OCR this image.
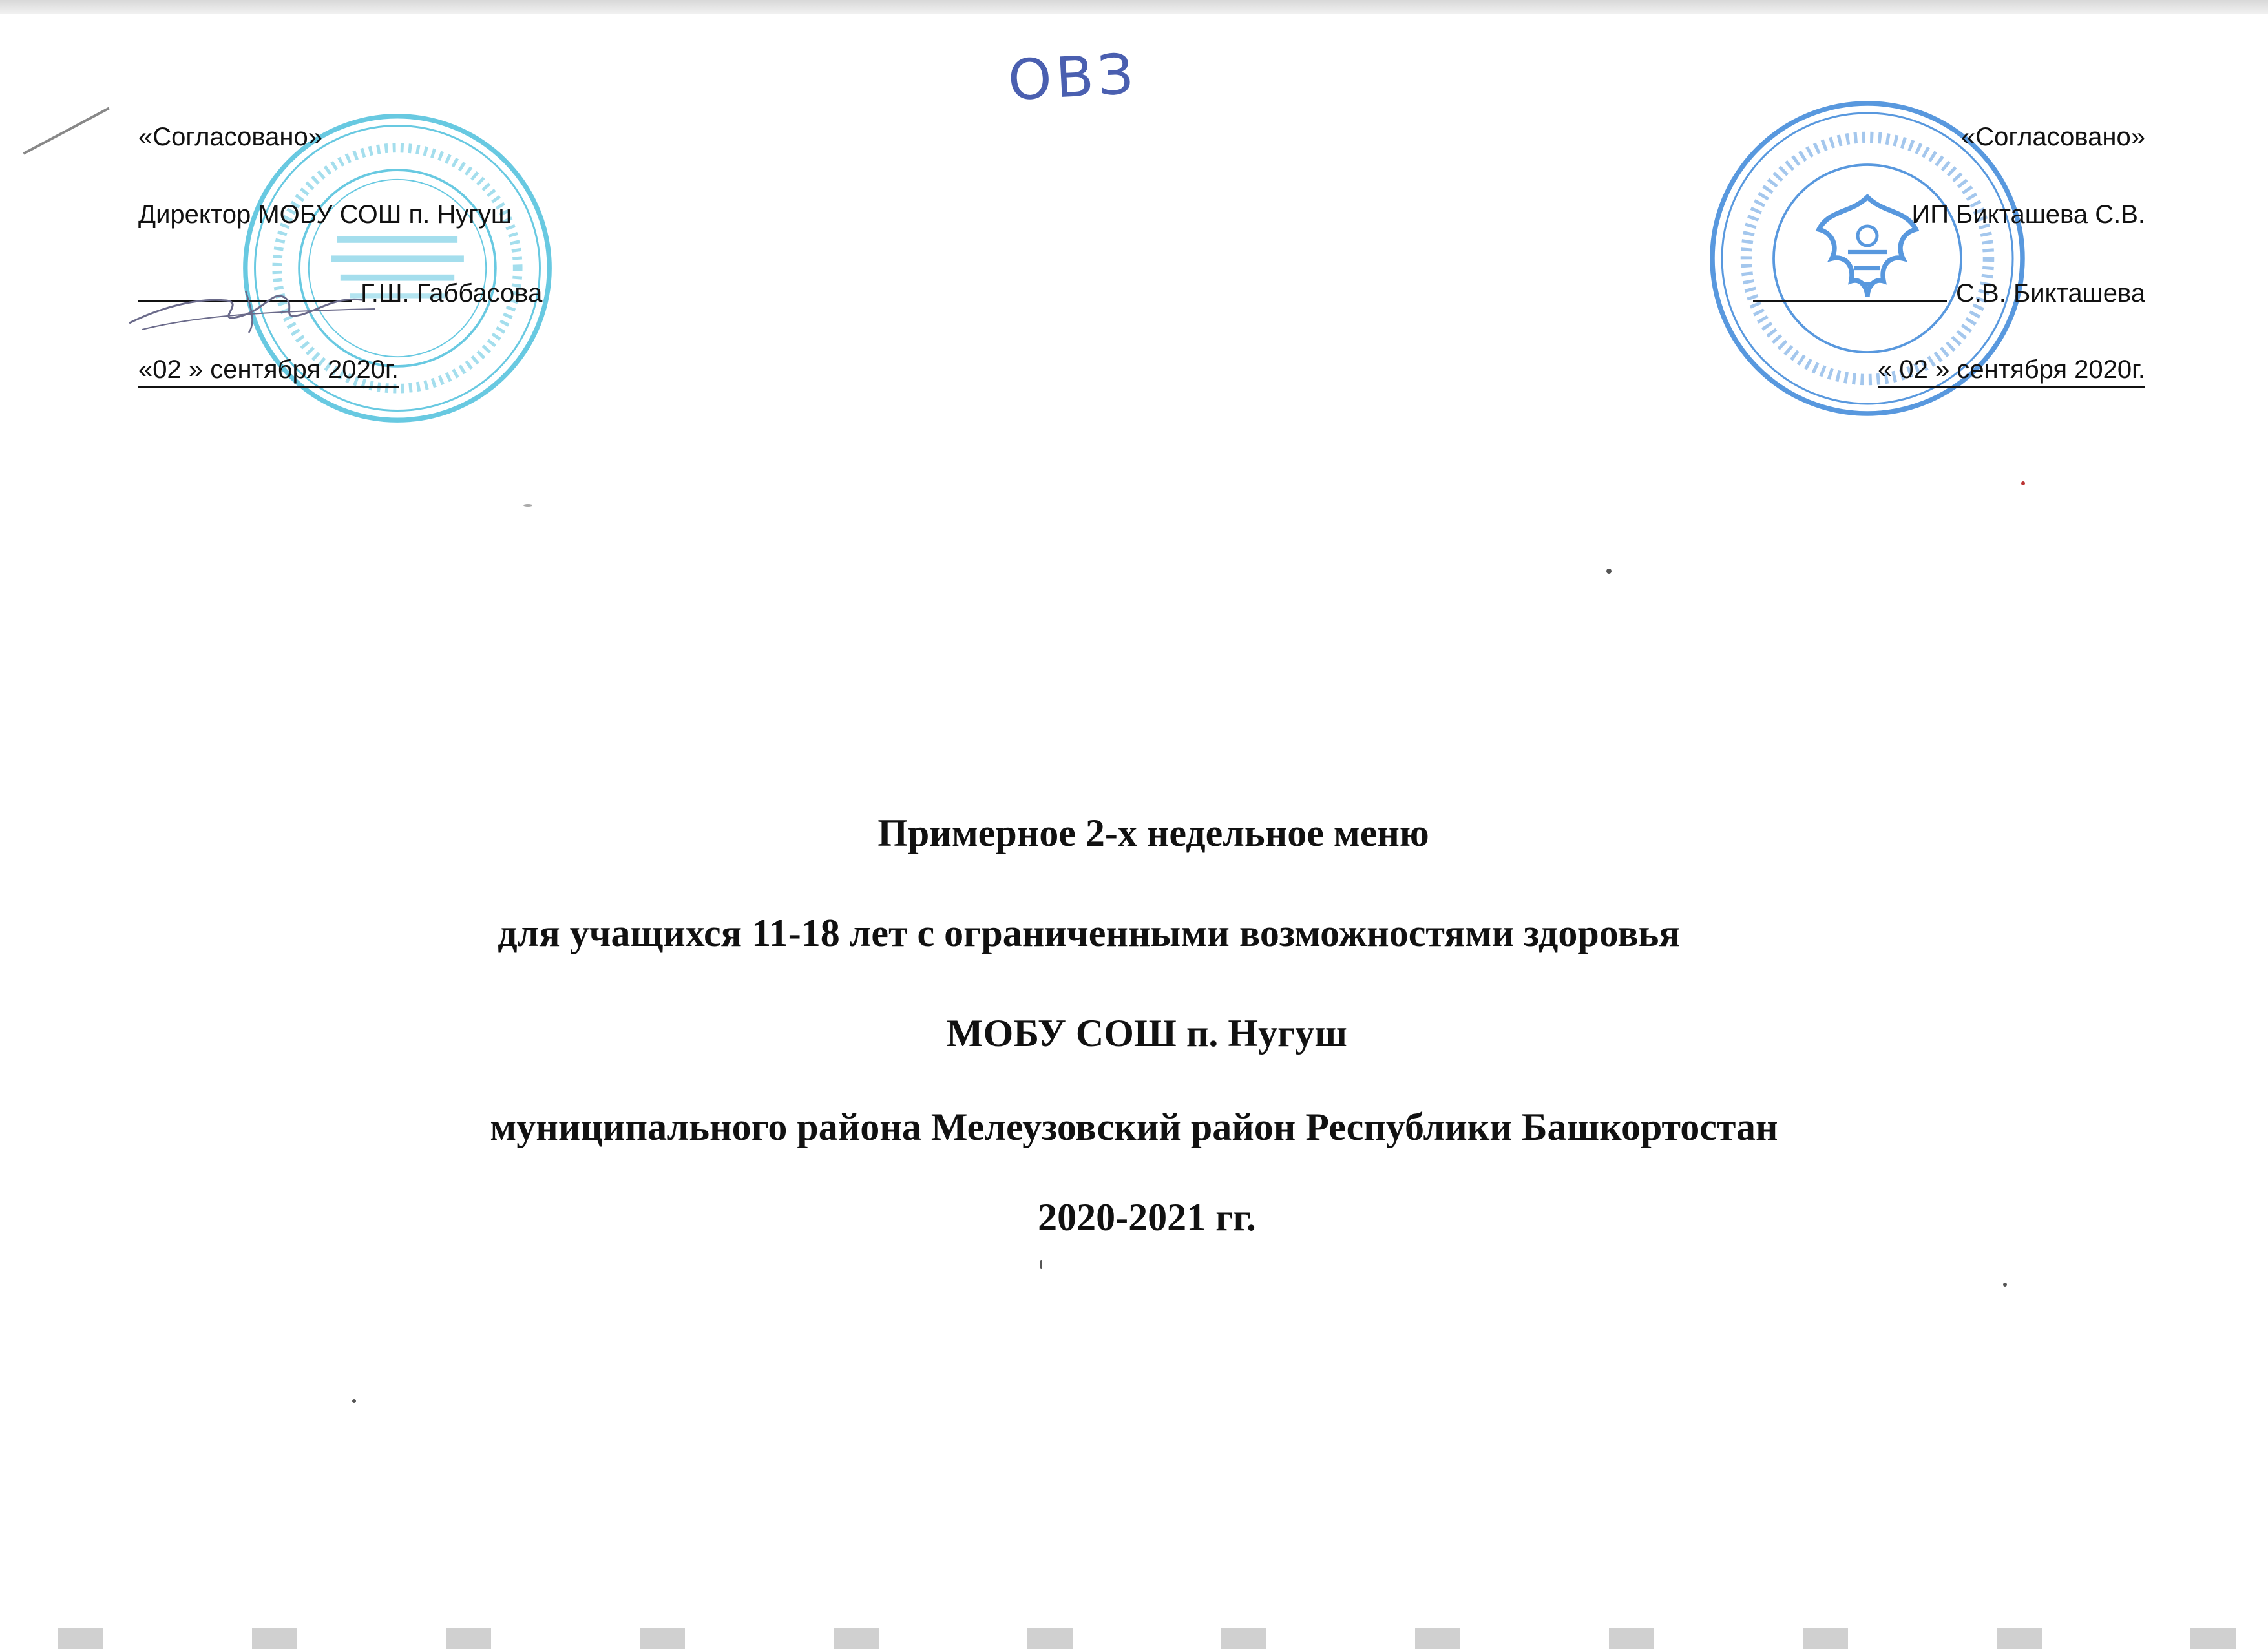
ОВЗ
«Согласовано»
Директор МОБУ СОШ п. Нугуш
Г.Ш. Габбасова
«02 » сентября 2020г.
«Согласовано»
ИП Бикташева С.В.
С.В. Бикташева
« 02 » сентября 2020г.
Примерное 2-х недельное меню
для учащихся 11-18 лет с ограниченными возможностями здоровья
МОБУ СОШ п. Нугуш
муниципального района Мелеузовский район Республики Башкортостан
2020-2021 гг.
